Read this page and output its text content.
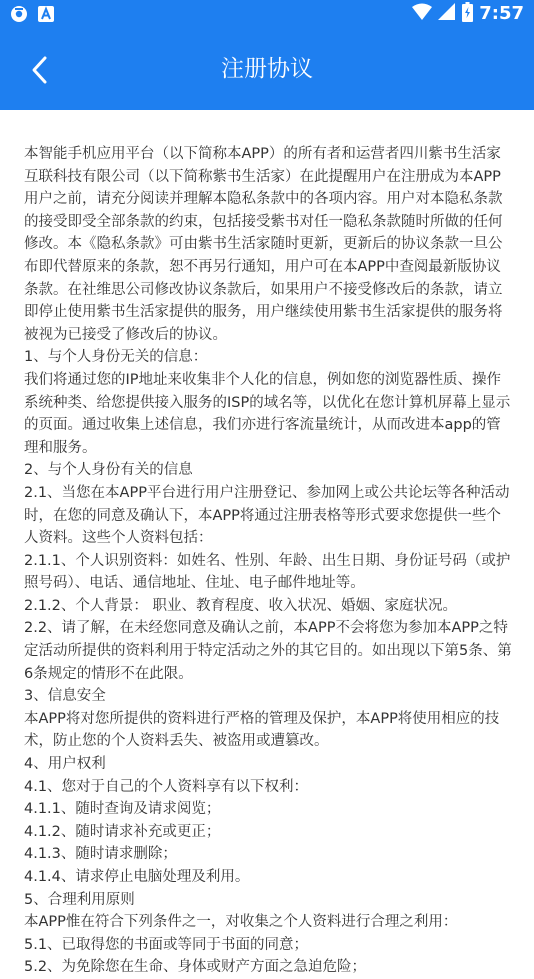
7:57
注册协议

本智能手机应用平台（以下简称本APP）的所有者和运营者四川紫书生活家互联科技有限公司（以下简称紫书生活家）在此提醒用户在注册成为本APP用户之前，请充分阅读并理解本隐私条款中的各项内容。用户对本隐私条款的接受即受全部条款的约束，包括接受紫书对任一隐私条款随时所做的任何修改。本《隐私条款》可由紫书生活家随时更新，更新后的协议条款一旦公布即代替原来的条款，恕不再另行通知，用户可在本APP中查阅最新版协议条款。在社维思公司修改协议条款后，如果用户不接受修改后的条款，请立即停止使用紫书生活家提供的服务，用户继续使用紫书生活家提供的服务将被视为已接受了修改后的协议。

1、与个人身份无关的信息：

我们将通过您的IP地址来收集非个人化的信息，例如您的浏览器性质、操作系统种类、给您提供接入服务的ISP的域名等，以优化在您计算机屏幕上显示的页面。通过收集上述信息，我们亦进行客流量统计，从而改进本app的管理和服务。

2、与个人身份有关的信息

2.1、当您在本APP平台进行用户注册登记、参加网上或公共论坛等各种活动时，在您的同意及确认下，本APP将通过注册表格等形式要求您提供一些个人资料。这些个人资料包括：

2.1.1、个人识别资料：如姓名、性别、年龄、出生日期、身份证号码（或护照号码）、电话、通信地址、住址、电子邮件地址等。

2.1.2、个人背景： 职业、教育程度、收入状况、婚姻、家庭状况。

2.2、请了解，在未经您同意及确认之前，本APP不会将您为参加本APP之特定活动所提供的资料利用于特定活动之外的其它目的。如出现以下第5条、第6条规定的情形不在此限。

3、信息安全

本APP将对您所提供的资料进行严格的管理及保护，本APP将使用相应的技术，防止您的个人资料丢失、被盗用或遭篡改。

4、用户权利

4.1、您对于自己的个人资料享有以下权利：

4.1.1、随时查询及请求阅览；

4.1.2、随时请求补充或更正；

4.1.3、随时请求删除；

4.1.4、请求停止电脑处理及利用。

5、合理利用原则

本APP惟在符合下列条件之一，对收集之个人资料进行合理之利用：

5.1、已取得您的书面或等同于书面的同意；

5.2、为免除您在生命、身体或财产方面之急迫危险；
